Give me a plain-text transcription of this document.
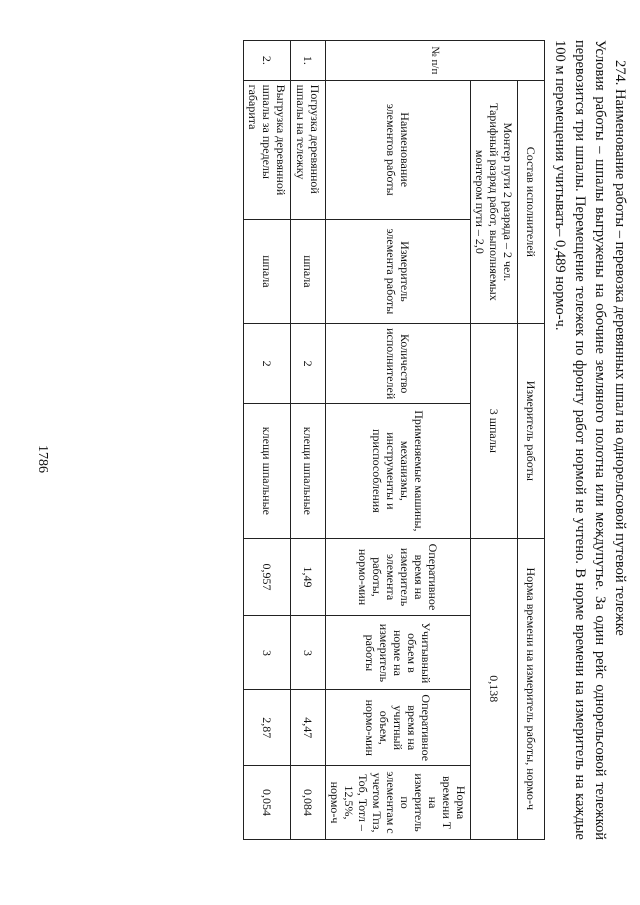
1786	274. Наименование работы – перевозка деревянных шпал на однорельсовой путевой тележке
Условия работы – шпалы выгружены на обочине земляного полотна или междупутье. За один рейс однорельсовой тележкой перевозится три шпалы. Перемещение тележек по фронту работ нормой не учтено. В норме времени на измеритель на каждые 100 м перемещения учитывать– 0,489 нормо-ч.
№ п/п	Состав исполнителей		Измеритель работы		Норма времени на измеритель работы, нормо-ч			

	Монтер пути 2 разряда – 2 чел.
Тарифный разряд работ, выполняемых монтером пути – 2,0		3 шпалы		0,138			
	Наименование элементов работы	Измеритель элемента работы	Количество исполнителей	Применяемые машины, механизмы, инструменты и приспособления	Оперативное время на измеритель элемента работы, нормо-мин	Учитывный объем в норме на измеритель работы	Оперативное время на учитный объем, нормо-мин	Норма времени Т на измеритель по элементам с учетом Тпз, Тоб, Тотл – 12,5%, нормо-ч
1.	Погрузка деревянной шпалы на тележку	шпала	2	клещи шпальные	1,49	3	4,47	0,084
2.	Выгрузка деревянной шпалы за пределы габарита	шпала	2	клещи шпальные	0,957	3	2,87	0,054
